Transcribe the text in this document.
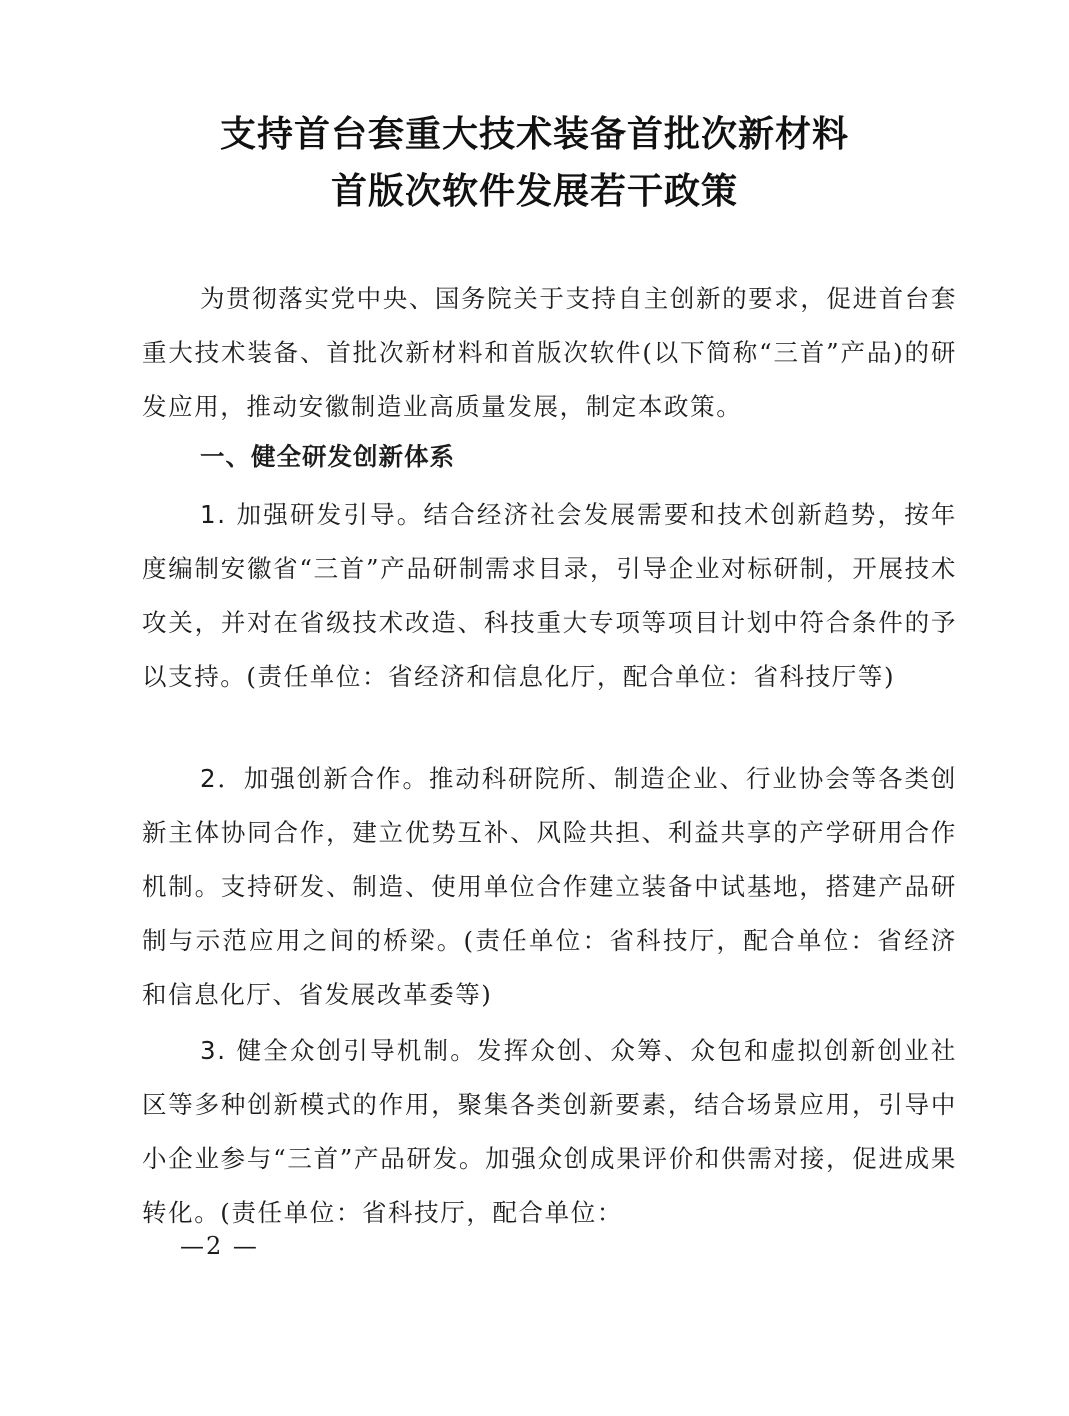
支持首台套重大技术装备首批次新材料
首版次软件发展若干政策

为贯彻落实党中央、国务院关于支持自主创新的要求，促进首台套重大技术装备、首批次新材料和首版次软件(以下简称“三首”产品)的研发应用，推动安徽制造业高质量发展，制定本政策。

一、健全研发创新体系

1. 加强研发引导。结合经济社会发展需要和技术创新趋势，按年度编制安徽省“三首”产品研制需求目录，引导企业对标研制，开展技术攻关，并对在省级技术改造、科技重大专项等项目计划中符合条件的予以支持。(责任单位：省经济和信息化厅，配合单位：省科技厅等)

2．加强创新合作。推动科研院所、制造企业、行业协会等各类创新主体协同合作，建立优势互补、风险共担、利益共享的产学研用合作机制。支持研发、制造、使用单位合作建立装备中试基地，搭建产品研制与示范应用之间的桥梁。(责任单位：省科技厅，配合单位：省经济和信息化厅、省发展改革委等)

3. 健全众创引导机制。发挥众创、众筹、众包和虚拟创新创业社区等多种创新模式的作用，聚集各类创新要素，结合场景应用，引导中小企业参与“三首”产品研发。加强众创成果评价和供需对接，促进成果转化。(责任单位：省科技厅，配合单位：

—2 —
